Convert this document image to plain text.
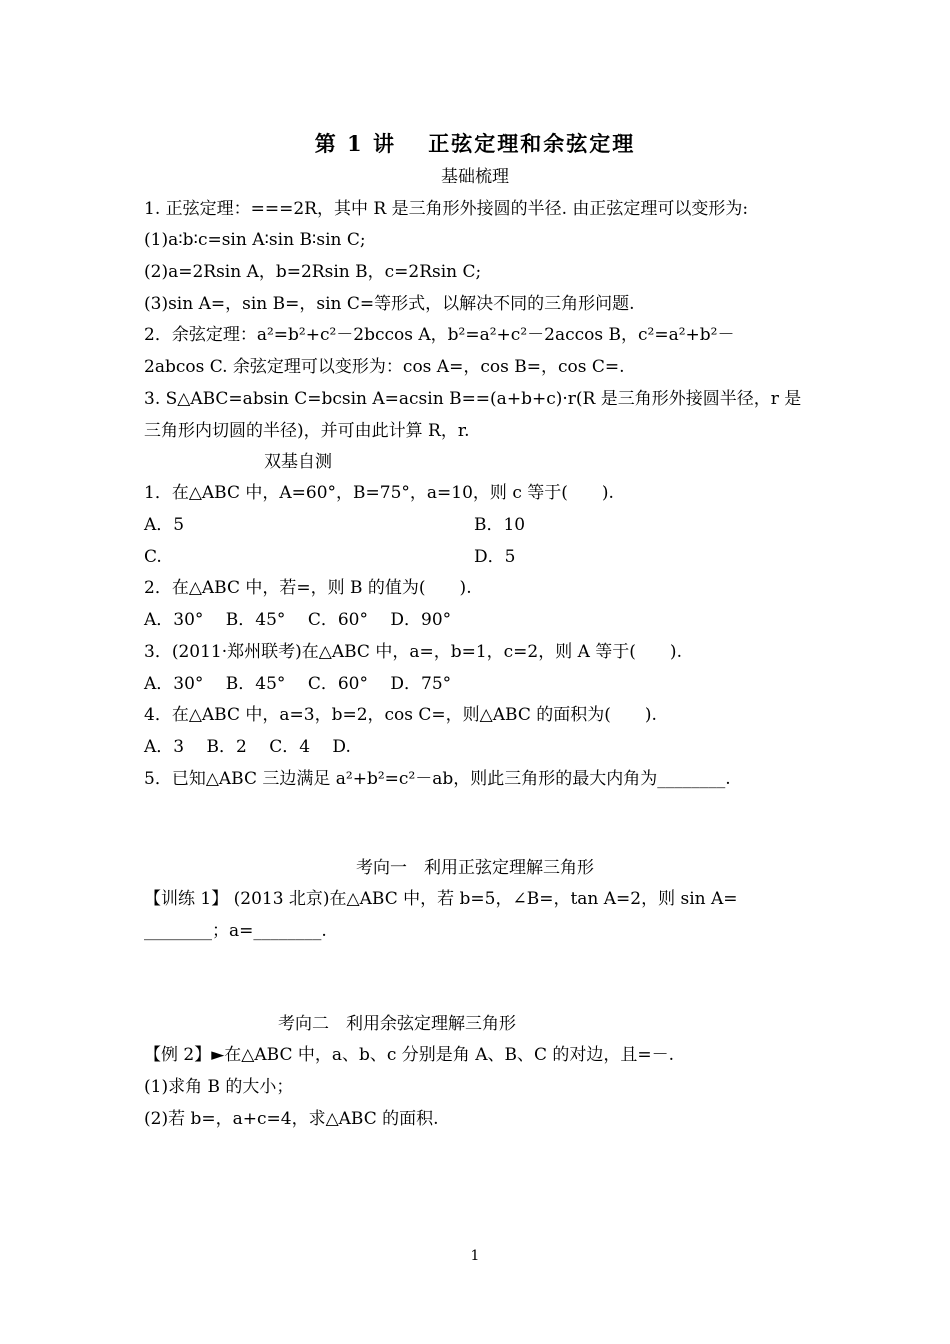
第 1 讲　 正弦定理和余弦定理
基础梳理
1. 正弦定理：===2R，其中 R 是三角形外接圆的半径. 由正弦定理可以变形为:
(1)a∶b∶c=sin A∶sin B∶sin C;
(2)a=2Rsin A，b=2Rsin B，c=2Rsin C;
(3)sin A=，sin B=，sin C=等形式，以解决不同的三角形问题.
2．余弦定理：a²=b²+c²－2bccos A，b²=a²+c²－2accos B，c²=a²+b²－
2abcos C. 余弦定理可以变形为：cos A=，cos B=，cos C=.
3. S△ABC=absin C=bcsin A=acsin B==(a+b+c)·r(R 是三角形外接圆半径，r 是
三角形内切圆的半径)，并可由此计算 R，r.
双基自测
1．在△ABC 中，A=60°，B=75°，a=10，则 c 等于(　　).
A．5	B．10
C.	D．5
2．在△ABC 中，若=，则 B 的值为(　　).
A．30°　 B．45°　 C．60°　 D．90°
3．(2011·郑州联考)在△ABC 中，a=，b=1，c=2，则 A 等于(　　).
A．30°　 B．45°　 C．60°　 D．75°
4．在△ABC 中，a=3，b=2，cos C=，则△ABC 的面积为(　　).
A．3　 B．2　 C．4　 D.
5．已知△ABC 三边满足 a²+b²=c²－ab，则此三角形的最大内角为________.
考向一　利用正弦定理解三角形
【训练 1】 (2013 北京)在△ABC 中，若 b=5，∠B=，tan A=2，则 sin A=
________；a=________.
考向二　利用余弦定理解三角形
【例 2】►在△ABC 中，a、b、c 分别是角 A、B、C 的对边，且=－.
(1)求角 B 的大小；
(2)若 b=，a+c=4，求△ABC 的面积.
1
